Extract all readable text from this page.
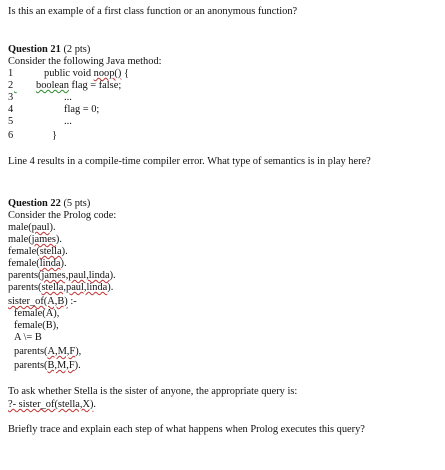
Is this an example of a first class function or an anonymous function?
Question 21 (2 pts)
Consider the following Java method:
1	public void noop() {
2	boolean flag = false;
3	...
4	flag = 0;
5	...
6	}
Line 4 results in a compile-time compiler error. What type of semantics is in play here?
Question 22 (5 pts)
Consider the Prolog code:
male(paul).
male(james).
female(stella).
female(linda).
parents(james,paul,linda).
parents(stella,paul,linda).
sister_of(A,B) :-
female(A),
female(B),
A \= B
parents(A,M,F),
parents(B,M,F).
To ask whether Stella is the sister of anyone, the appropriate query is:
?- sister_of(stella,X).
Briefly trace and explain each step of what happens when Prolog executes this query?
